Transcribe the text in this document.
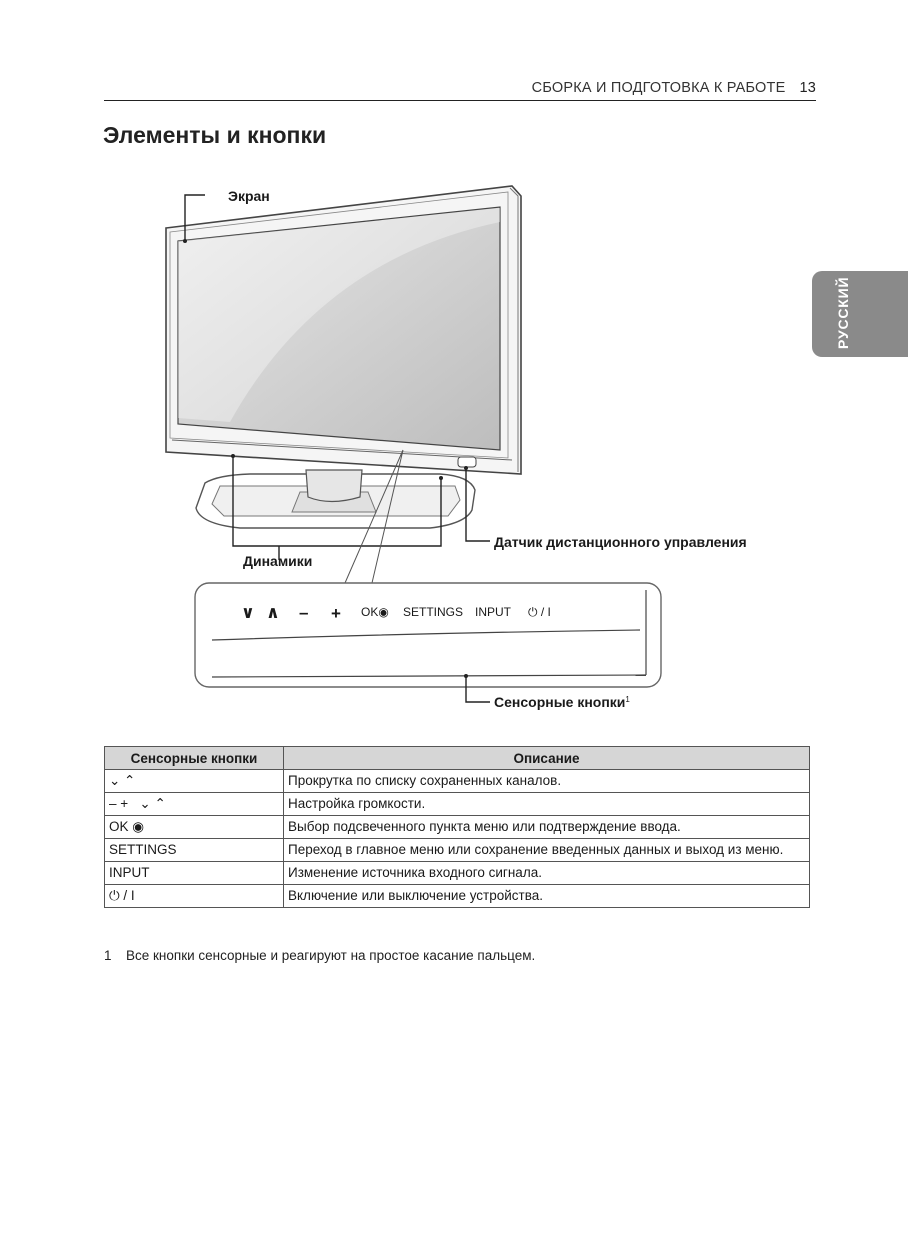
СБОРКА И ПОДГОТОВКА К РАБОТЕ 13
Элементы и кнопки
РУССКИЙ
Экран
Динамики
Датчик дистанционного управления
∨ ∧ – + OK◉ SETTINGS INPUT ⏻ / I
Сенсорные кнопки$^1$
Сенсорные кнопки	Описание
⌄ ⌃	Прокрутка по списку сохраненных каналов.
– +   ⌄ ⌃	Настройка громкости.
OK ◉	Выбор подсвеченного пункта меню или подтверждение ввода.
SETTINGS	Переход в главное меню или сохранение введенных данных и выход из меню.
INPUT	Изменение источника входного сигнала.
⏻ / I	Включение или выключение устройства.
1 Все кнопки сенсорные и реагируют на простое касание пальцем.
